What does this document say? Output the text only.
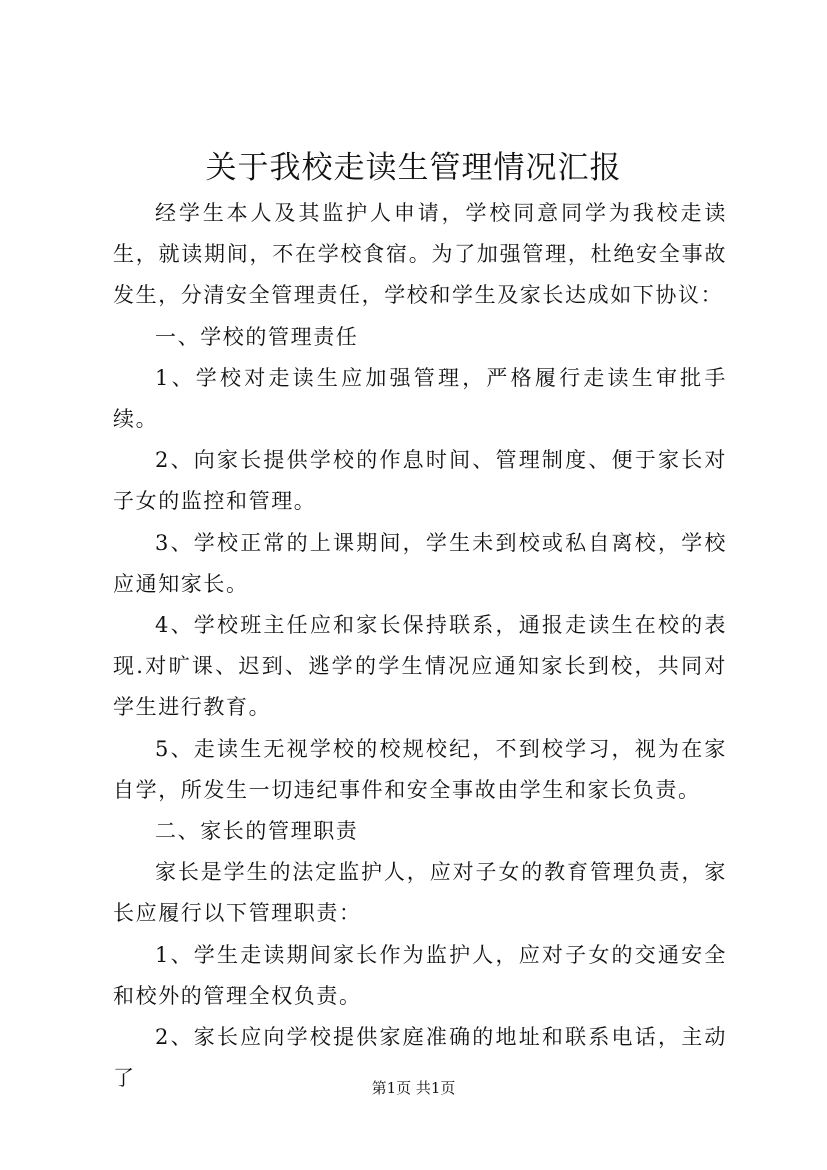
关于我校走读生管理情况汇报

经学生本人及其监护人申请，学校同意同学为我校走读生，就读期间，不在学校食宿。为了加强管理，杜绝安全事故发生，分清安全管理责任，学校和学生及家长达成如下协议：

一、学校的管理责任

1、学校对走读生应加强管理，严格履行走读生审批手续。

2、向家长提供学校的作息时间、管理制度、便于家长对子女的监控和管理。

3、学校正常的上课期间，学生未到校或私自离校，学校应通知家长。

4、学校班主任应和家长保持联系，通报走读生在校的表现.对旷课、迟到、逃学的学生情况应通知家长到校，共同对学生进行教育。

5、走读生无视学校的校规校纪，不到校学习，视为在家自学，所发生一切违纪事件和安全事故由学生和家长负责。

二、家长的管理职责

家长是学生的法定监护人，应对子女的教育管理负责，家长应履行以下管理职责：

1、学生走读期间家长作为监护人，应对子女的交通安全和校外的管理全权负责。

2、家长应向学校提供家庭准确的地址和联系电话，主动了	第1页 共1页
